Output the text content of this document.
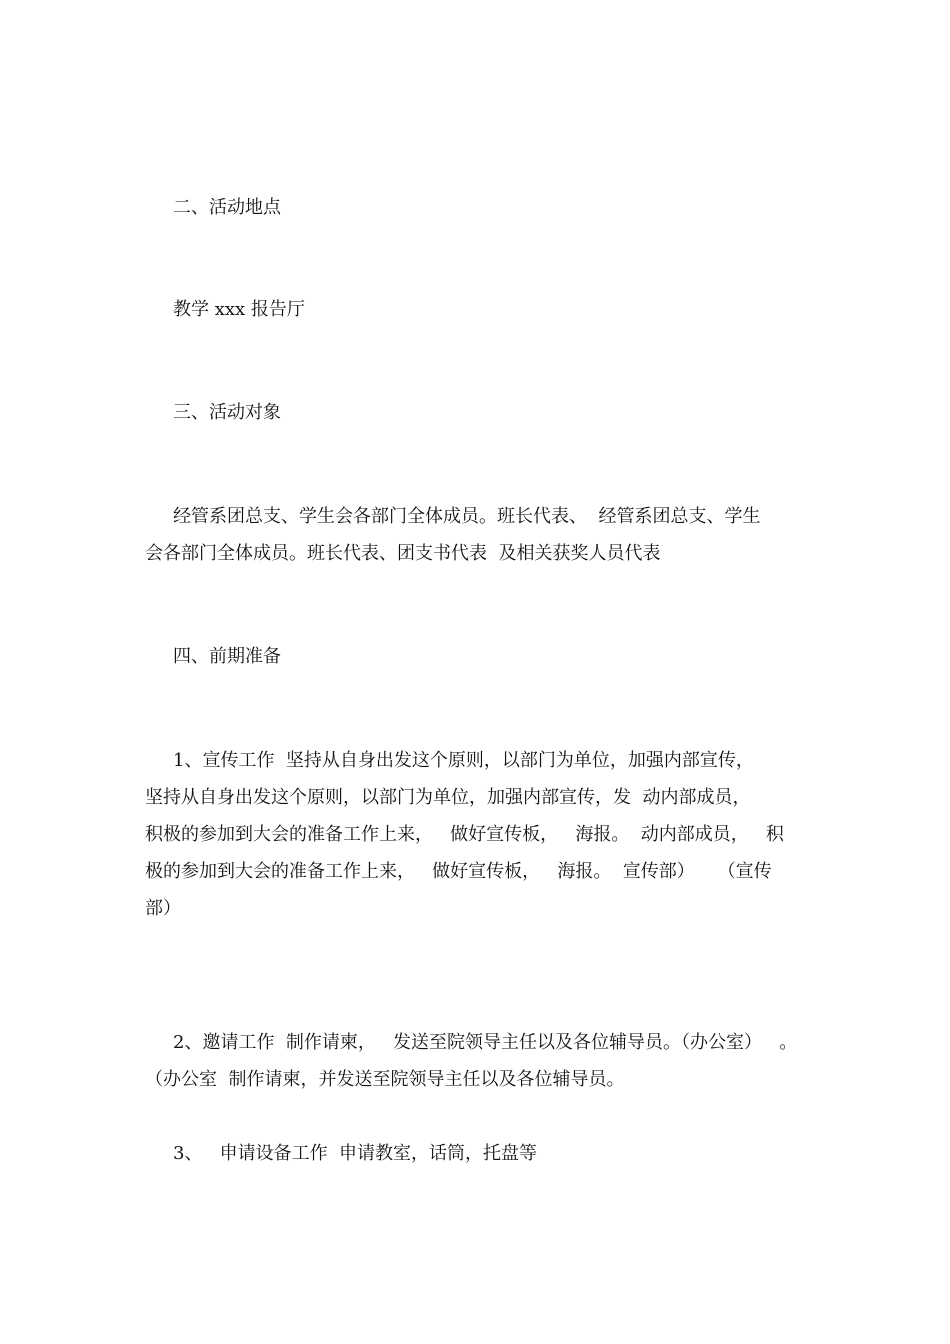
二、活动地点
教学 xxx 报告厅
三、活动对象
经管系团总支、学生会各部门全体成员。班长代表、  经管系团总支、学生
会各部门全体成员。班长代表、团支书代表  及相关获奖人员代表
四、前期准备
1、宣传工作  坚持从自身出发这个原则，以部门为单位，加强内部宣传，
坚持从自身出发这个原则，以部门为单位，加强内部宣传，发  动内部成员，
积极的参加到大会的准备工作上来，   做好宣传板，   海报。  动内部成员，   积
极的参加到大会的准备工作上来，   做好宣传板，   海报。  宣传部）    （宣传
部）
2、邀请工作  制作请柬，   发送至院领导主任以及各位辅导员。（办公室）   。
（办公室  制作请柬，并发送至院领导主任以及各位辅导员。
3、   申请设备工作  申请教室，话筒，托盘等
